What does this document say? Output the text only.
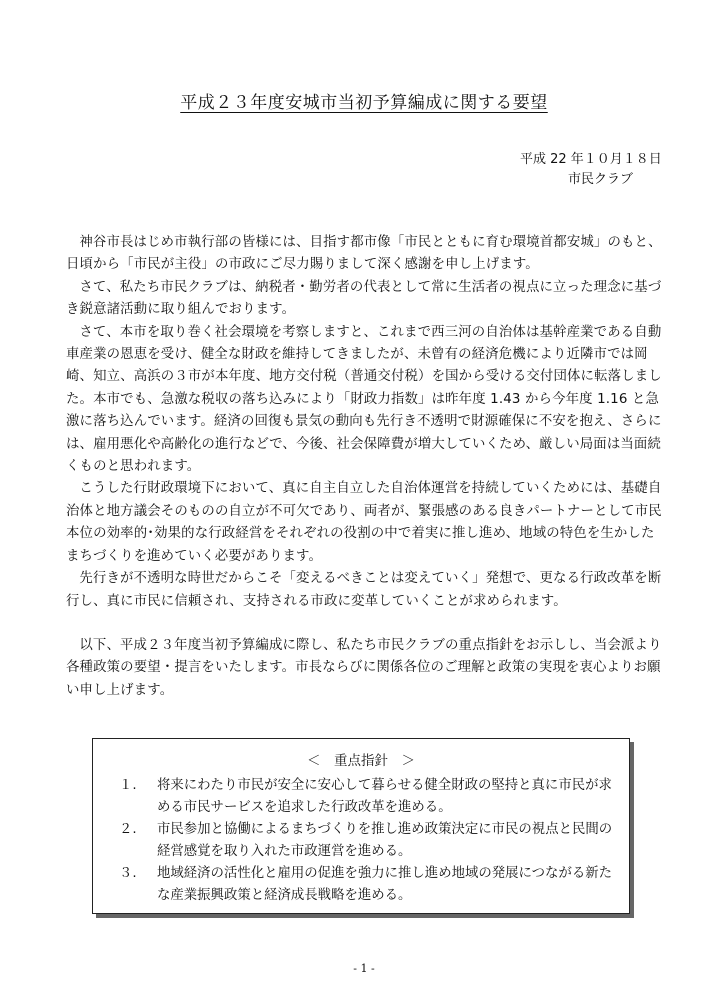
平成２３年度安城市当初予算編成に関する要望
平成 22 年１０月１８日
市民クラブ

神谷市長はじめ市執行部の皆様には、目指す都市像「市民とともに育む環境首都安城」のもと、日頃から「市民が主役」の市政にご尽力賜りまして深く感謝を申し上げます。

さて、私たち市民クラブは、納税者・勤労者の代表として常に生活者の視点に立った理念に基づき鋭意諸活動に取り組んでおります。

さて、本市を取り巻く社会環境を考察しますと、これまで西三河の自治体は基幹産業である自動車産業の恩恵を受け、健全な財政を維持してきましたが、未曾有の経済危機により近隣市では岡崎、知立、高浜の３市が本年度、地方交付税（普通交付税）を国から受ける交付団体に転落しました。本市でも、急激な税収の落ち込みにより「財政力指数」は昨年度 1.43 から今年度 1.16 と急激に落ち込んでいます。経済の回復も景気の動向も先行き不透明で財源確保に不安を抱え、さらには、雇用悪化や高齢化の進行などで、今後、社会保障費が増大していくため、厳しい局面は当面続くものと思われます。

こうした行財政環境下において、真に自主自立した自治体運営を持続していくためには、基礎自治体と地方議会そのものの自立が不可欠であり、両者が、緊張感のある良きパートナーとして市民本位の効率的･効果的な行政経営をそれぞれの役割の中で着実に推し進め、地域の特色を生かしたまちづくりを進めていく必要があります。

先行きが不透明な時世だからこそ「変えるべきことは変えていく」発想で、更なる行政改革を断行し、真に市民に信頼され、支持される市政に変革していくことが求められます。

以下、平成２３年度当初予算編成に際し、私たち市民クラブの重点指針をお示しし、当会派より各種政策の要望・提言をいたします。市長ならびに関係各位のご理解と政策の実現を衷心よりお願い申し上げます。

＜　重点指針　＞
１.	将来にわたり市民が安全に安心して暮らせる健全財政の堅持と真に市民が求める市民サービスを追求した行政改革を進める。
２.	市民参加と協働によるまちづくりを推し進め政策決定に市民の視点と民間の経営感覚を取り入れた市政運営を進める。
３.	地域経済の活性化と雇用の促進を強力に推し進め地域の発展につながる新たな産業振興政策と経済成長戦略を進める。
- 1 -
